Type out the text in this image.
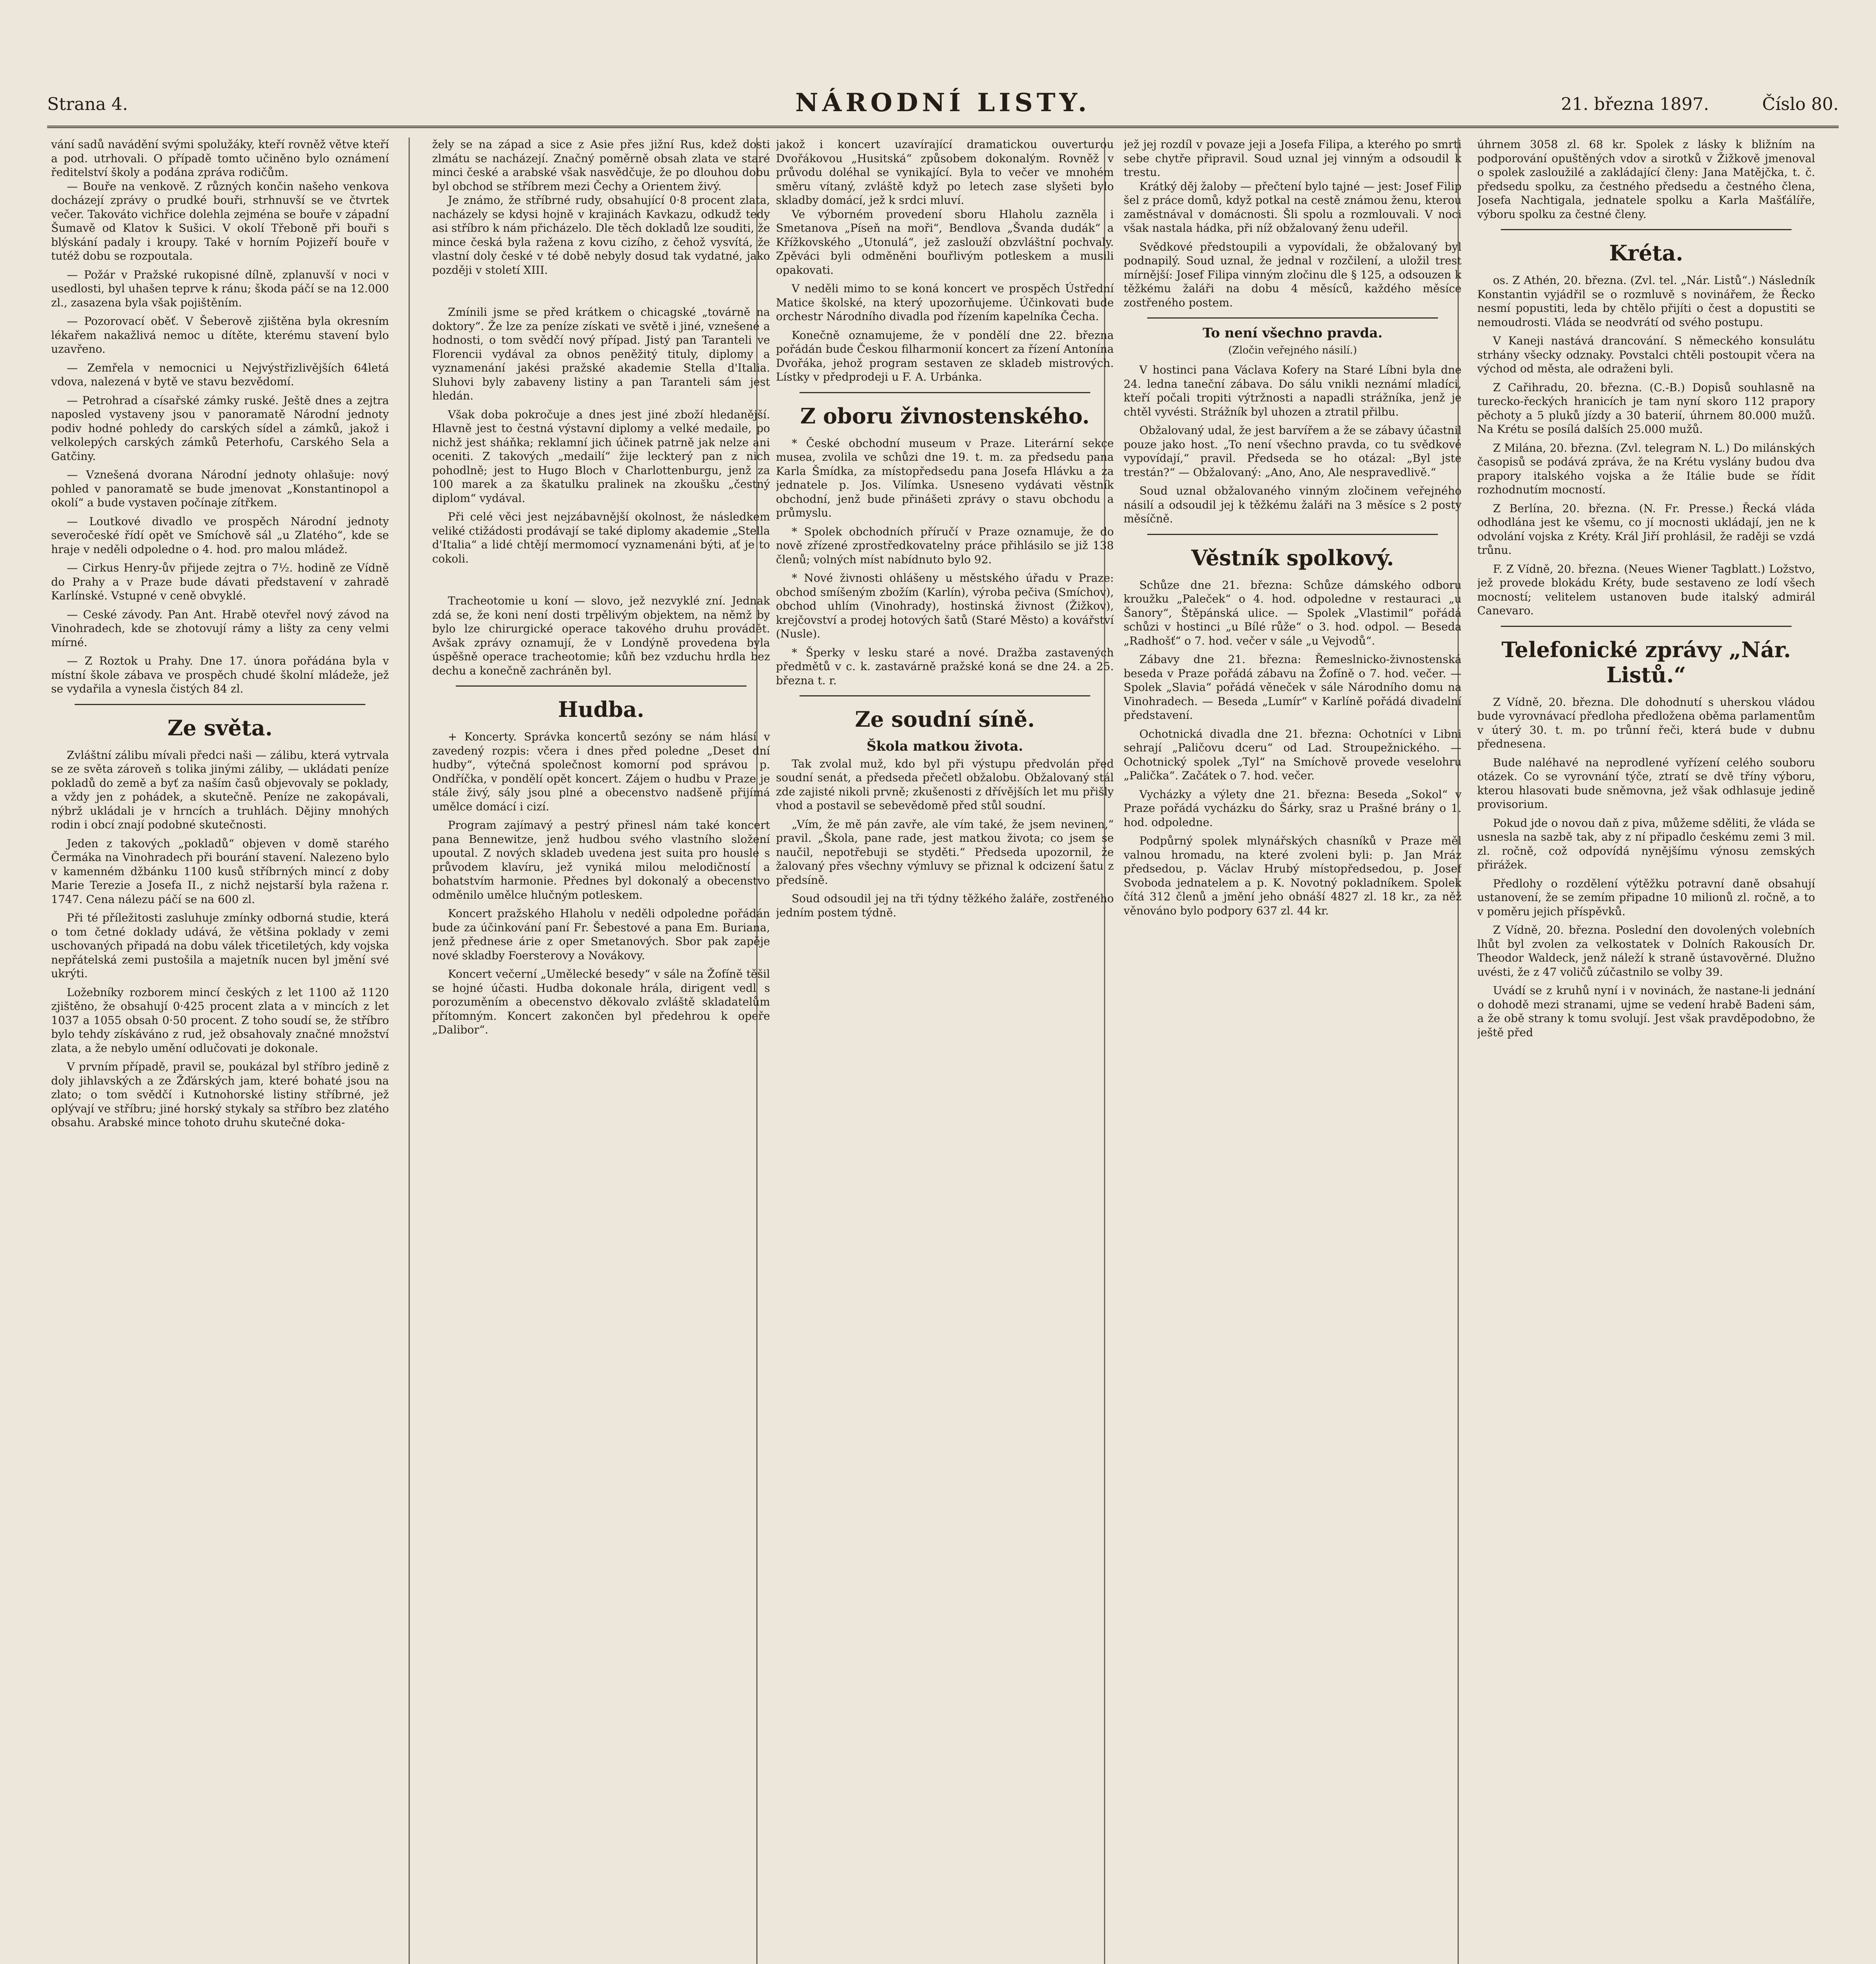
Strana 4.	NÁRODNÍ LISTY.	21. března 1897.	Číslo 80.

vání sadů navádění svými spolužáky, kteří rovněž větve kteří a pod. utrhovali. O případě tomto učiněno bylo oznámení ředitelství školy a podána zpráva rodičům.

— Bouře na venkově. Z různých končin našeho venkova docházejí zprávy o prudké bouři, strhnuvší se ve čtvrtek večer. Takováto vichřice dolehla zejména se bouře v západní Šumavě od Klatov k Sušici. V okolí Třeboně při bouři s blýskání padaly i kroupy. Také v horním Pojizeří bouře v tutéž dobu se rozpoutala.

— Požár v Pražské rukopisné dílně, zplanuvší v noci v usedlosti, byl uhašen teprve k ránu; škoda páčí se na 12.000 zl., zasazena byla však pojištěním.

— Pozorovací oběť. V Šeberově zjištěna byla okresním lékařem nakažlivá nemoc u dítěte, kterému stavení bylo uzavřeno.

— Zemřela v nemocnici u Nejvýstřizlivějších 64letá vdova, nalezená v bytě ve stavu bezvědomí.

— Petrohrad a císařské zámky ruské. Ještě dnes a zejtra naposled vystaveny jsou v panoramatě Národní jednoty podiv hodné pohledy do carských sídel a zámků, jakož i velkolepých carských zámků Peterhofu, Carského Sela a Gatčiny.

— Vznešená dvorana Národní jednoty ohlašuje: nový pohled v panoramatě se bude jmenovat „Konstantinopol a okolí“ a bude vystaven počínaje zítřkem.

— Loutkové divadlo ve prospěch Národní jednoty severočeské řídí opět ve Smíchově sál „u Zlatého“, kde se hraje v neděli odpoledne o 4. hod. pro malou mládež.

— Cirkus Henry-ův přijede zejtra o 7½. hodině ze Vídně do Prahy a v Praze bude dávati představení v zahradě Karlínské. Vstupné v ceně obvyklé.

— Ceské závody. Pan Ant. Hrabě otevřel nový závod na Vinohradech, kde se zhotovují rámy a lišty za ceny velmi mírné.

— Z Roztok u Prahy. Dne 17. února pořádána byla v místní škole zábava ve prospěch chudé školní mládeže, jež se vydařila a vynesla čistých 84 zl.

Ze světa.

Zvláštní zálibu mívali předci naši — zálibu, která vytrvala se ze světa zároveň s tolika jinými záliby, — ukládati peníze pokladů do země a byť za naším časů objevovaly se poklady, a vždy jen z pohádek, a skutečně. Peníze ne zakopávali, nýbrž ukládali je v hrncích a truhlách. Dějiny mnohých rodin i obcí znají podobné skutečnosti.

Jeden z takových „pokladů“ objeven v domě starého Čermáka na Vinohradech při bourání stavení. Nalezeno bylo v kamenném džbánku 1100 kusů stříbrných mincí z doby Marie Terezie a Josefa II., z nichž nejstarší byla ražena r. 1747. Cena nálezu páčí se na 600 zl.

Při té příležitosti zasluhuje zmínky odborná studie, která o tom četné doklady udává, že většina poklady v zemi uschovaných připadá na dobu válek třicetiletých, kdy vojska nepřátelská zemi pustošila a majetník nucen byl jmění své ukrýti.

Ložebníky rozborem mincí českých z let 1100 až 1120 zjištěno, že obsahují 0·425 procent zlata a v mincích z let 1037 a 1055 obsah 0·50 procent. Z toho soudí se, že stříbro bylo tehdy získáváno z rud, jež obsahovaly značné množství zlata, a že nebylo umění odlučovati je dokonale.

V prvním případě, pravil se, poukázal byl stříbro jedině z doly jihlavských a ze Žďárských jam, které bohaté jsou na zlato; o tom svědčí i Kutnohorské listiny stříbrné, jež oplývají ve stříbru; jiné horský stykaly sa stříbro bez zlatého obsahu. Arabské mince tohoto druhu skutečné doka-

žely se na západ a sice z Asie přes jižní Rus, kdež dosti zlmátu se nacházejí. Značný poměrně obsah zlata ve staré minci české a arabské však nasvědčuje, že po dlouhou dobu byl obchod se stříbrem mezi Čechy a Orientem živý.

Je známo, že stříbrné rudy, obsahující 0·8 procent zlata, nacházely se kdysi hojně v krajinách Kavkazu, odkudž tedy asi stříbro k nám přicházelo. Dle těch dokladů lze souditi, že mince česká byla ražena z kovu cizího, z čehož vysvítá, že vlastní doly české v té době nebyly dosud tak vydatné, jako později v století XIII.

Zmínili jsme se před krátkem o chicagské „továrně na doktory“. Že lze za peníze získati ve světě i jiné, vznešené a hodnosti, o tom svědčí nový případ. Jistý pan Taranteli ve Florencii vydával za obnos peněžitý tituly, diplomy a vyznamenání jakési pražské akademie Stella d'Italia. Sluhovi byly zabaveny listiny a pan Taranteli sám jest hledán.

Však doba pokročuje a dnes jest jiné zboží hledanější. Hlavně jest to čestná výstavní diplomy a velké medaile, po nichž jest sháňka; reklamní jich účinek patrně jak nelze ani oceniti. Z takových „medailí“ žije leckterý pan z nich pohodlně; jest to Hugo Bloch v Charlottenburgu, jenž za 100 marek a za škatulku pralinek na zkoušku „čestný diplom“ vydával.

Při celé věci jest nejzábavnější okolnost, že následkem veliké ctižádosti prodávají se také diplomy akademie „Stella d'Italia“ a lidé chtějí mermomocí vyznamenáni býti, ať je to cokoli.

Tracheotomie u koní — slovo, jež nezvyklé zní. Jednak zdá se, že koni není dosti trpělivým objektem, na němž by bylo lze chirurgické operace takového druhu provádět. Avšak zprávy oznamují, že v Londýně provedena byla úspěšně operace tracheotomie; kůň bez vzduchu hrdla bez dechu a konečně zachráněn byl.

Hudba.

+ Koncerty. Správka koncertů sezóny se nám hlásí v zavedený rozpis: včera i dnes před poledne „Deset dní hudby“, výtečná společnost komorní pod správou p. Ondříčka, v pondělí opět koncert. Zájem o hudbu v Praze je stále živý, sály jsou plné a obecenstvo nadšeně přijímá umělce domácí i cizí.

Program zajímavý a pestrý přinesl nám také koncert pana Bennewitze, jenž hudbou svého vlastního složení upoutal. Z nových skladeb uvedena jest suita pro housle s průvodem klavíru, jež vyniká milou melodičností a bohatstvím harmonie. Přednes byl dokonalý a obecenstvo odměnilo umělce hlučným potleskem.

Koncert pražského Hlaholu v neděli odpoledne pořádán bude za účinkování paní Fr. Šebestové a pana Em. Buriana, jenž přednese árie z oper Smetanových. Sbor pak zapěje nové skladby Foersterovy a Novákovy.

Koncert večerní „Umělecké besedy“ v sále na Žofíně těšil se hojné účasti. Hudba dokonale hrála, dirigent vedl s porozuměním a obecenstvo děkovalo zvláště skladatelům přítomným. Koncert zakončen byl předehrou k opeře „Dalibor“.

jakož i koncert uzavírající dramatickou ouverturou Dvořákovou „Husitská“ způsobem dokonalým. Rovněž v průvodu doléhal se vynikající. Byla to večer ve mnohém směru vítaný, zvláště když po letech zase slyšeti bylo skladby domácí, jež k srdci mluví.

Ve výborném provedení sboru Hlaholu zazněla i Smetanova „Píseň na moři“, Bendlova „Švanda dudák“ a Křížkovského „Utonulá“, jež zaslouží obzvláštní pochvaly. Zpěváci byli odměněni bouřlivým potleskem a musili opakovati.

V neděli mimo to se koná koncert ve prospěch Ústřední Matice školské, na který upozorňujeme. Účinkovati bude orchestr Národního divadla pod řízením kapelníka Čecha.

Konečně oznamujeme, že v pondělí dne 22. března pořádán bude Českou filharmonií koncert za řízení Antonína Dvořáka, jehož program sestaven ze skladeb mistrových. Lístky v předprodeji u F. A. Urbánka.

Z oboru živnostenského.

* České obchodní museum v Praze. Literární sekce musea, zvolila ve schůzi dne 19. t. m. za předsedu pana Karla Šmídka, za místopředsedu pana Josefa Hlávku a za jednatele p. Jos. Vilímka. Usneseno vydávati věstník obchodní, jenž bude přinášeti zprávy o stavu obchodu a průmyslu.

* Spolek obchodních příručí v Praze oznamuje, že do nově zřízené zprostředkovatelny práce přihlásilo se již 138 členů; volných míst nabídnuto bylo 92.

* Nové živnosti ohlášeny u městského úřadu v Praze: obchod smíšeným zbožím (Karlín), výroba pečiva (Smíchov), obchod uhlím (Vinohrady), hostinská živnost (Žižkov), krejčovství a prodej hotových šatů (Staré Město) a kovářství (Nusle).

* Šperky v lesku staré a nové. Dražba zastavených předmětů v c. k. zastavárně pražské koná se dne 24. a 25. března t. r.

Ze soudní síně.
Škola matkou života.

Tak zvolal muž, kdo byl při výstupu předvolán před soudní senát, a předseda přečetl obžalobu. Obžalovaný stál zde zajisté nikoli prvně; zkušenosti z dřívějších let mu přišly vhod a postavil se sebevědomě před stůl soudní.

„Vím, že mě pán zavře, ale vím také, že jsem nevinen,“ pravil. „Škola, pane rade, jest matkou života; co jsem se naučil, nepotřebuji se styděti.“ Předseda upozornil, že žalovaný přes všechny výmluvy se přiznal k odcizení šatu z předsíně.

Soud odsoudil jej na tři týdny těžkého žaláře, zostřeného jedním postem týdně.

jež jej rozdíl v povaze jeji a Josefa Filipa, a kterého po smrti sebe chytře připravil. Soud uznal jej vinným a odsoudil k trestu.

Krátký děj žaloby — přečtení bylo tajné — jest: Josef Filip šel z práce domů, když potkal na cestě známou ženu, kterou zaměstnával v domácnosti. Šli spolu a rozmlouvali. V noci však nastala hádka, při níž obžalovaný ženu udeřil.

Svědkové předstoupili a vypovídali, že obžalovaný byl podnapilý. Soud uznal, že jednal v rozčilení, a uložil trest mírnější: Josef Filipa vinným zločinu dle § 125, a odsouzen k těžkému žaláři na dobu 4 měsíců, každého měsíce zostřeného postem.

To není všechno pravda.
(Zločin veřejného násilí.)

V hostinci pana Václava Kofery na Staré Líbni byla dne 24. ledna taneční zábava. Do sálu vnikli neznámí mladíci, kteří počali tropiti výtržnosti a napadli strážníka, jenž je chtěl vyvésti. Strážník byl uhozen a ztratil přilbu.

Obžalovaný udal, že jest barvířem a že se zábavy účastnil pouze jako host. „To není všechno pravda, co tu svědkové vypovídají,“ pravil. Předseda se ho otázal: „Byl jste trestán?“ — Obžalovaný: „Ano, Ano, Ale nespravedlivě.“

Soud uznal obžalovaného vinným zločinem veřejného násilí a odsoudil jej k těžkému žaláři na 3 měsíce s 2 posty měsíčně.

Věstník spolkový.

Schůze dne 21. března: Schůze dámského odboru kroužku „Paleček“ o 4. hod. odpoledne v restauraci „u Šanory“, Štěpánská ulice. — Spolek „Vlastimil“ pořádá schůzi v hostinci „u Bílé růže“ o 3. hod. odpol. — Beseda „Radhošť“ o 7. hod. večer v sále „u Vejvodů“.

Zábavy dne 21. března: Řemeslnicko-živnostenská beseda v Praze pořádá zábavu na Žofíně o 7. hod. večer. — Spolek „Slavia“ pořádá věneček v sále Národního domu na Vinohradech. — Beseda „Lumír“ v Karlíně pořádá divadelní představení.

Ochotnická divadla dne 21. března: Ochotníci v Libni sehrají „Paličovu dceru“ od Lad. Stroupežnického. — Ochotnický spolek „Tyl“ na Smíchově provede veselohru „Palička“. Začátek o 7. hod. večer.

Vycházky a výlety dne 21. března: Beseda „Sokol“ v Praze pořádá vycházku do Šárky, sraz u Prašné brány o 1. hod. odpoledne.

Podpůrný spolek mlynářských chasníků v Praze měl valnou hromadu, na které zvoleni byli: p. Jan Mráz předsedou, p. Václav Hrubý místopředsedou, p. Josef Svoboda jednatelem a p. K. Novotný pokladníkem. Spolek čítá 312 členů a jmění jeho obnáší 4827 zl. 18 kr., za něž věnováno bylo podpory 637 zl. 44 kr.

úhrnem 3058 zl. 68 kr. Spolek z lásky k bližním na podporování opuštěných vdov a sirotků v Žižkově jmenoval o spolek zasloužilé a zakládající členy: Jana Matějčka, t. č. předsedu spolku, za čestného předsedu a čestného člena, Josefa Nachtigala, jednatele spolku a Karla Mašťálíře, výboru spolku za čestné členy.

Kréta.

os. Z Athén, 20. března. (Zvl. tel. „Nár. Listů“.) Následník Konstantin vyjádřil se o rozmluvě s novinářem, že Řecko nesmí popustiti, leda by chtělo přijíti o čest a dopustiti se nemoudrosti. Vláda se neodvrátí od svého postupu.

V Kaneji nastává drancování. S německého konsulátu strhány všecky odznaky. Povstalci chtěli postoupit včera na východ od města, ale odraženi byli.

Z Cařihradu, 20. března. (C.-B.) Dopisů souhlasně na turecko-řeckých hranicích je tam nyní skoro 112 prapory pěchoty a 5 pluků jízdy a 30 baterií, úhrnem 80.000 mužů. Na Krétu se posílá dalších 25.000 mužů.

Z Milána, 20. března. (Zvl. telegram N. L.) Do milánských časopisů se podává zpráva, že na Krétu vyslány budou dva prapory italského vojska a že Itálie bude se řídit rozhodnutím mocností.

Z Berlína, 20. března. (N. Fr. Presse.) Řecká vláda odhodlána jest ke všemu, co jí mocnosti ukládají, jen ne k odvolání vojska z Kréty. Král Jiří prohlásil, že raději se vzdá trůnu.

F. Z Vídně, 20. března. (Neues Wiener Tagblatt.) Ložstvo, jež provede blokádu Kréty, bude sestaveno ze lodí všech mocností; velitelem ustanoven bude italský admirál Canevaro.

Telefonické zprávy „Nár. Listů.“

Z Vídně, 20. března. Dle dohodnutí s uherskou vládou bude vyrovnávací předloha předložena oběma parlamentům v úterý 30. t. m. po trůnní řeči, která bude v dubnu přednesena.

Bude naléhavé na neprodlené vyřízení celého souboru otázek. Co se vyrovnání týče, ztratí se dvě tříny výboru, kterou hlasovati bude sněmovna, jež však odhlasuje jedině provisorium.

Pokud jde o novou daň z piva, můžeme sděliti, že vláda se usnesla na sazbě tak, aby z ní připadlo českému zemi 3 mil. zl. ročně, což odpovídá nynějšímu výnosu zemských přirážek.

Předlohy o rozdělení výtěžku potravní daně obsahují ustanovení, že se zemím připadne 10 milionů zl. ročně, a to v poměru jejich příspěvků.

Z Vídně, 20. března. Poslední den dovolených volebních lhůt byl zvolen za velkostatek v Dolních Rakousích Dr. Theodor Waldeck, jenž náleží k straně ústavověrné. Dlužno uvésti, že z 47 voličů zúčastnilo se volby 39.

Uvádí se z kruhů nyní i v novinách, že nastane-li jednání o dohodě mezi stranami, ujme se vedení hrabě Badeni sám, a že obě strany k tomu svolují. Jest však pravděpodobno, že ještě před
